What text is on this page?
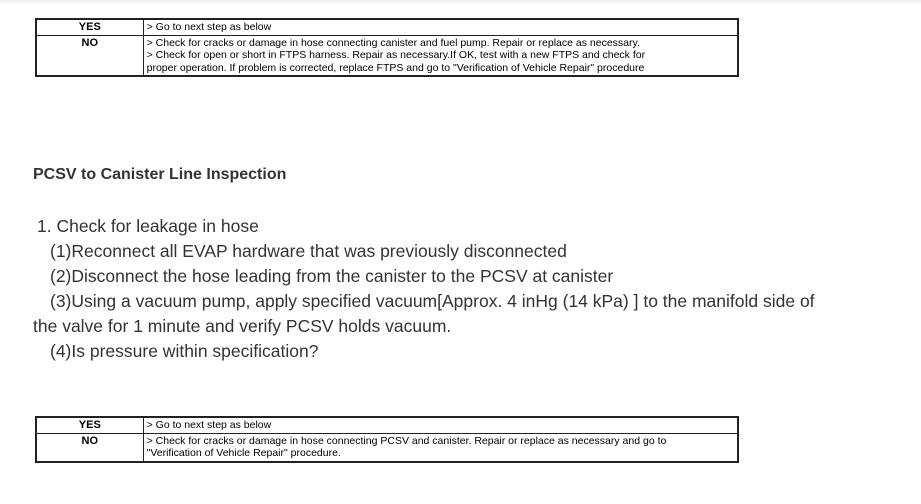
YES	> Go to next step as below

NO	> Check for cracks or damage in hose connecting canister and fuel pump. Repair or replace as necessary.
> Check for open or short in FTPS harness. Repair as necessary.If OK, test with a new FTPS and check for
proper operation. If problem is corrected, replace FTPS and go to "Verification of Vehicle Repair" procedure
PCSV to Canister Line Inspection
1. Check for leakage in hose
(1)Reconnect all EVAP hardware that was previously disconnected
(2)Disconnect the hose leading from the canister to the PCSV at canister
(3)Using a vacuum pump, apply specified vacuum[Approx. 4 inHg (14 kPa) ] to the manifold side of
the valve for 1 minute and verify PCSV holds vacuum.
(4)Is pressure within specification?
YES	> Go to next step as below

NO	> Check for cracks or damage in hose connecting PCSV and canister. Repair or replace as necessary and go to
"Verification of Vehicle Repair" procedure.
